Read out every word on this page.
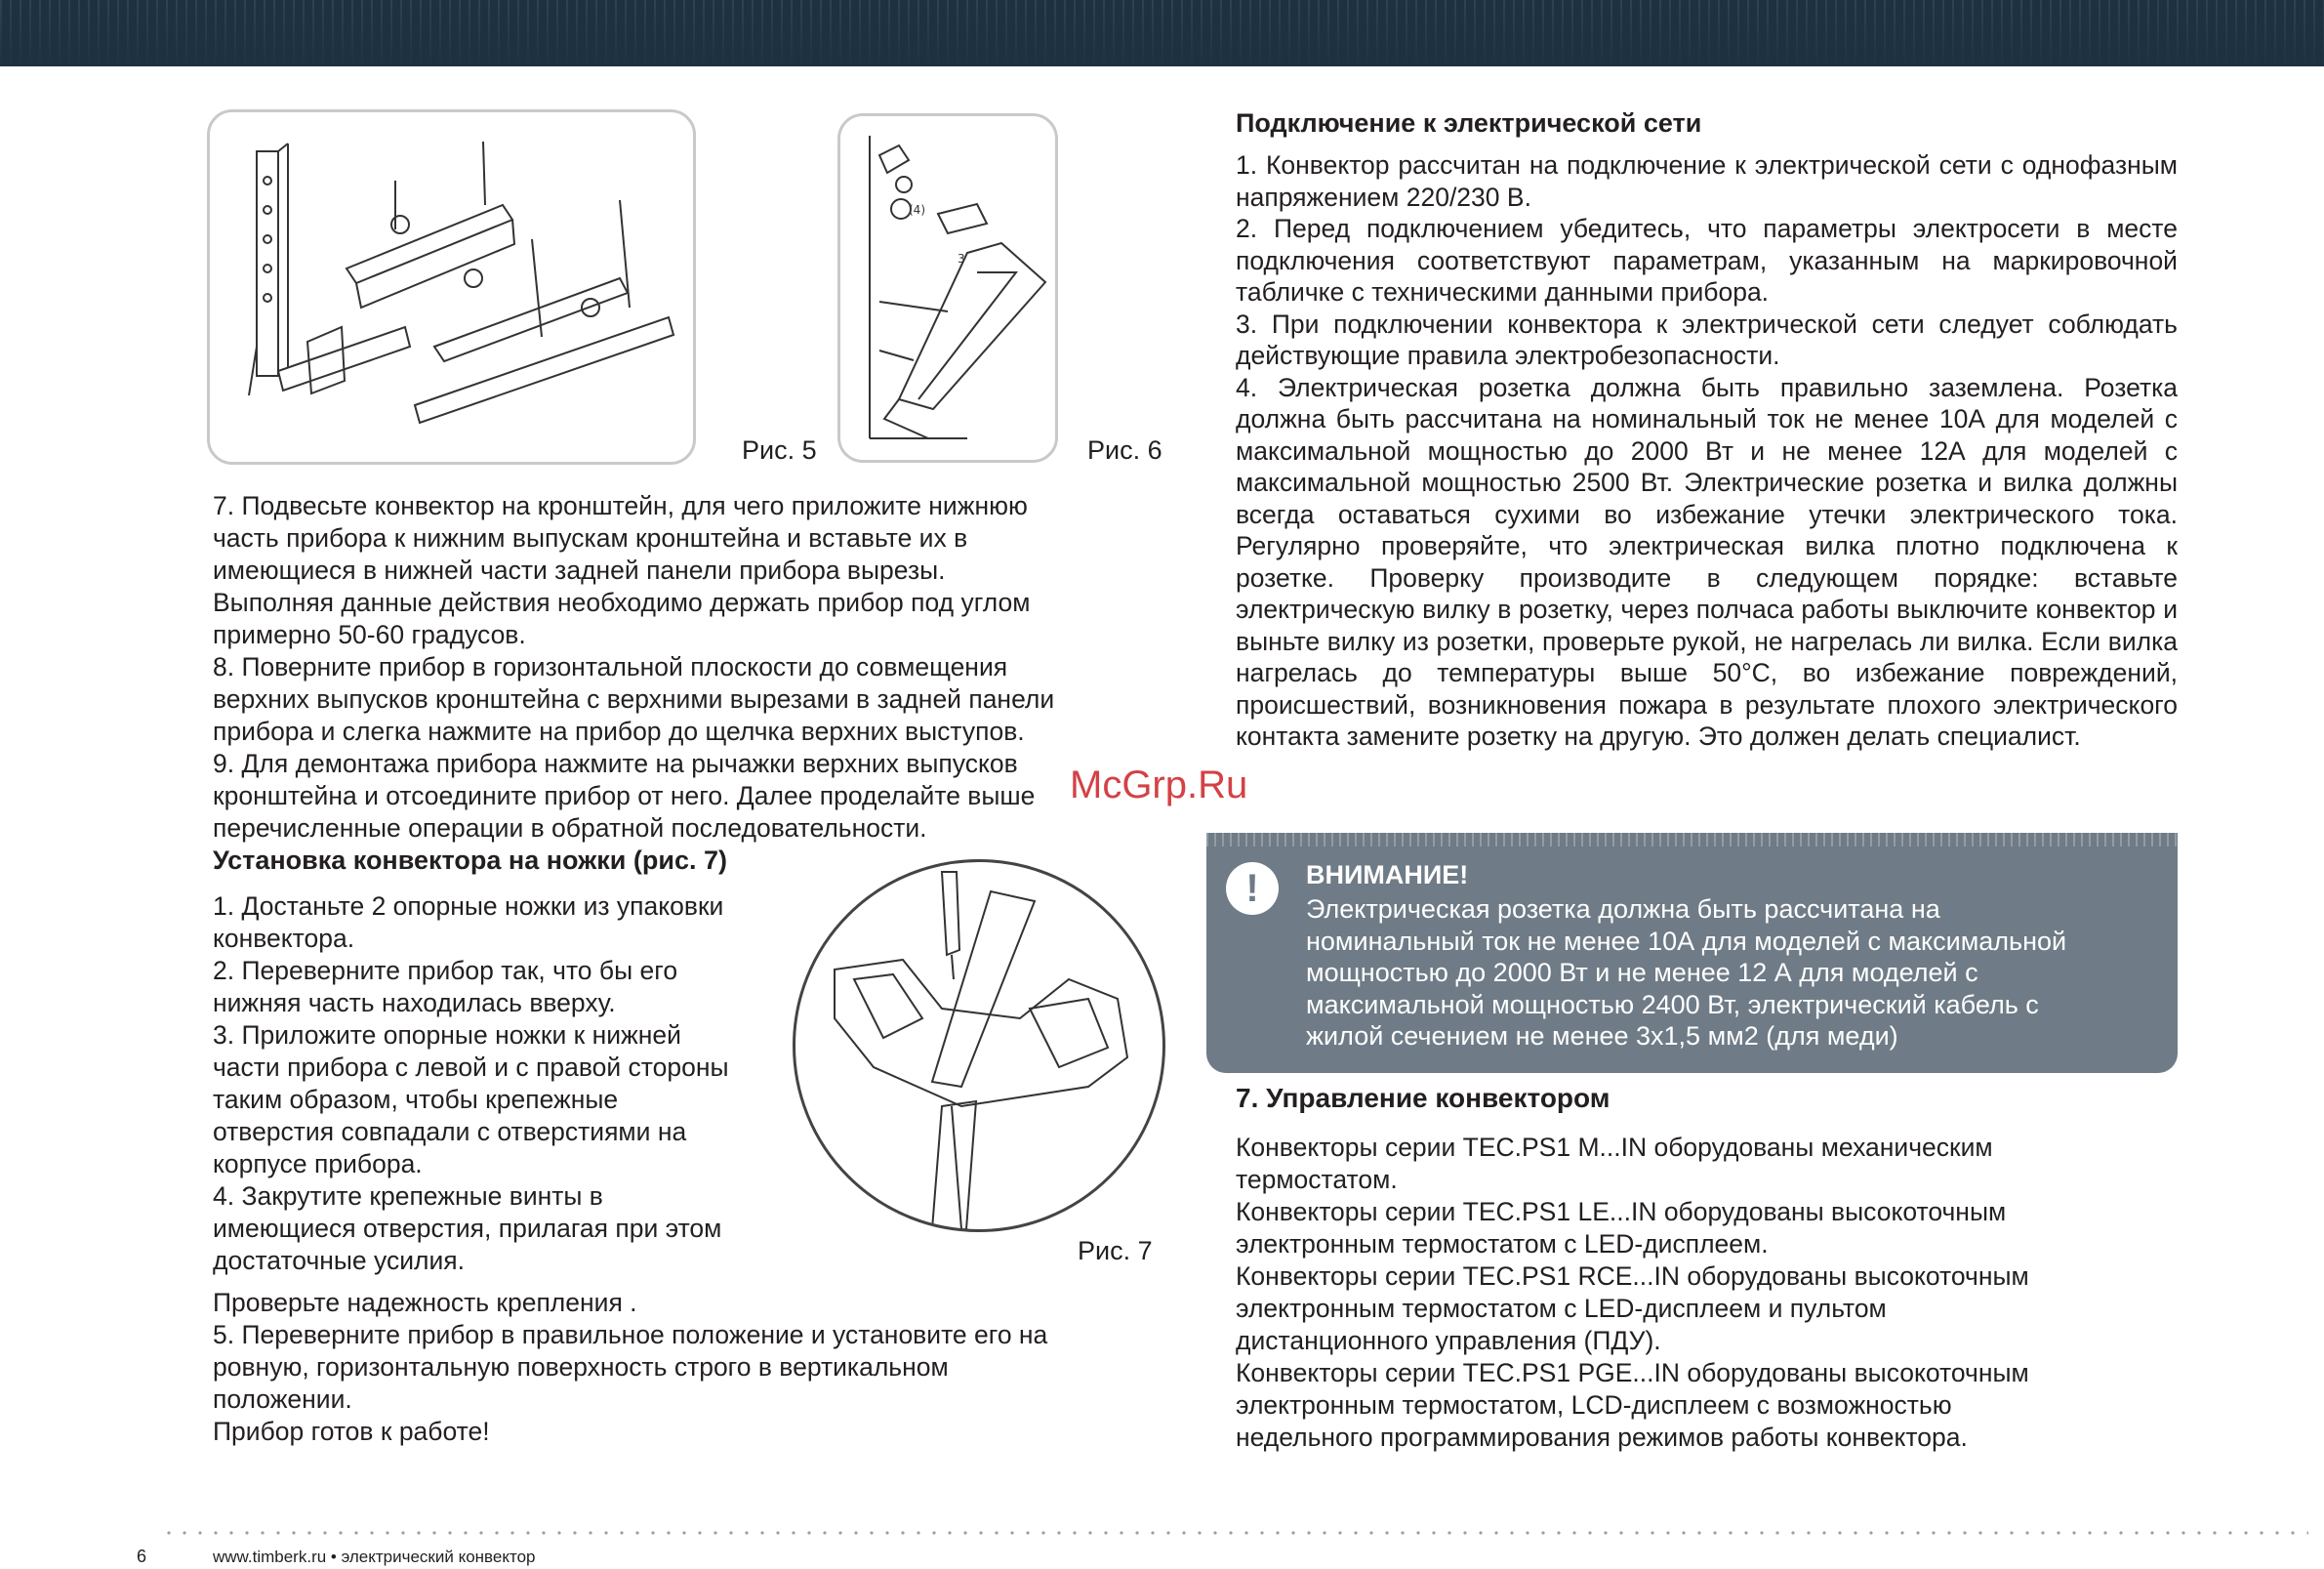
Рис. 5
(4)
3
Рис. 6
7. Подвесьте конвектор на кронштейн, для чего приложите нижнюю
часть прибора к нижним выпускам кронштейна и вставьте их в
имеющиеся в нижней части задней панели прибора вырезы.
Выполняя данные действия необходимо держать прибор под углом
примерно 50-60 градусов.
8. Поверните прибор в горизонтальной плоскости до совмещения
верхних выпусков кронштейна с верхними вырезами в задней панели
прибора и слегка нажмите на прибор до щелчка верхних выступов.
9. Для демонтажа прибора нажмите на рычажки верхних выпусков
кронштейна и отсоедините прибор от него. Далее проделайте выше
перечисленные операции в обратной последовательности.
Установка конвектора на ножки (рис. 7)
1. Достаньте 2 опорные ножки из упаковки
конвектора.
2. Переверните прибор так, что бы его
нижняя часть находилась вверху.
3. Приложите опорные ножки к нижней
части прибора с левой и с правой стороны
таким образом, чтобы крепежные
отверстия совпадали с отверстиями на
корпусе прибора.
4. Закрутите крепежные винты в
имеющиеся отверстия, прилагая при этом
достаточные усилия.	Рис. 7
Проверьте надежность крепления .
5. Переверните прибор в правильное положение и установите его на
ровную, горизонтальную поверхность строго в вертикальном
положении.
Прибор готов к работе!
Подключение к электрической сети

1. Конвектор рассчитан на подключение к электрической сети с однофазным напряжением 220/230 В.

2. Перед подключением убедитесь, что параметры электросети в месте подключения соответствуют параметрам, указанным на маркировочной табличке с техническими данными прибора.

3. При подключении конвектора к электрической сети следует соблюдать действующие правила электробезопасности.

4. Электрическая розетка должна быть правильно заземлена. Розетка должна быть рассчитана на номинальный ток не менее 10А для моделей с максимальной мощностью до 2000 Вт и не менее 12А для моделей с максимальной мощностью 2500 Вт. Электрические розетка и вилка должны всегда оставаться сухими во избежание утечки электрического тока. Регулярно проверяйте, что электрическая вилка плотно подключена к розетке. Проверку производите в следующем порядке: вставьте электрическую вилку в розетку, через полчаса работы выключите конвектор и выньте вилку из розетки, проверьте рукой, не нагрелась ли вилка. Если вилка нагрелась до температуры выше 50°С, во избежание повреждений, происшествий, возникновения пожара в результате плохого электрического контакта замените розетку на другую. Это должен делать специалист.

McGrp.Ru
!	ВНИМАНИЕ!
Электрическая розетка должна быть рассчитана на
номинальный ток не менее 10А для моделей с максимальной
мощностью до 2000 Вт и не менее 12 А для моделей с
максимальной мощностью 2400 Вт, электрический кабель с
жилой сечением не менее 3х1,5 мм2 (для меди)
7. Управление конвектором
Конвекторы серии TEC.PS1 M...IN оборудованы механическим
термостатом.
Конвекторы серии TEC.PS1 LE...IN оборудованы высокоточным
электронным термостатом с LED-дисплеем.
Конвекторы серии TEC.PS1 RCE...IN оборудованы высокоточным
электронным термостатом с LED-дисплеем и пультом
дистанционного управления (ПДУ).
Конвекторы серии TEC.PS1 PGE...IN оборудованы высокоточным
электронным термостатом, LCD-дисплеем с возможностью
недельного программирования режимов работы конвектора.
6	www.timberk.ru • электрический конвектор
